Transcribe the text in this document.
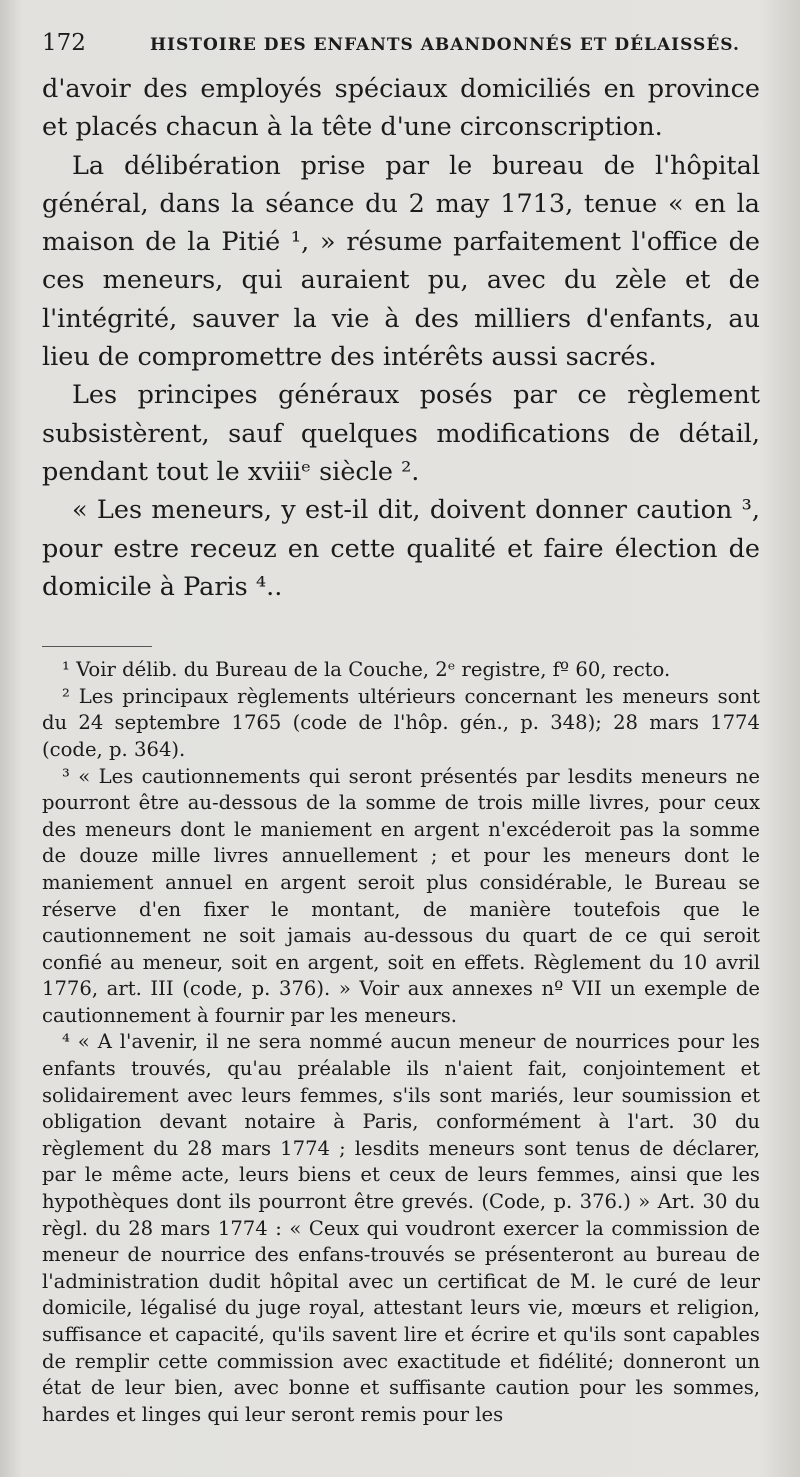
172	HISTOIRE DES ENFANTS ABANDONNÉS ET DÉLAISSÉS.

d'avoir des employés spéciaux domiciliés en province et placés chacun à la tête d'une circonscription.

La délibération prise par le bureau de l'hôpital général, dans la séance du 2 may 1713, tenue « en la maison de la Pitié ¹, » résume parfaitement l'office de ces meneurs, qui auraient pu, avec du zèle et de l'intégrité, sauver la vie à des milliers d'enfants, au lieu de compromettre des intérêts aussi sacrés.

Les principes généraux posés par ce règlement subsistèrent, sauf quelques modifications de détail, pendant tout le xviiiᵉ siècle ².

« Les meneurs, y est-il dit, doivent donner caution ³, pour estre receuz en cette qualité et faire élection de domicile à Paris ⁴..

¹ Voir délib. du Bureau de la Couche, 2ᵉ registre, fº 60, recto.

² Les principaux règlements ultérieurs concernant les meneurs sont du 24 septembre 1765 (code de l'hôp. gén., p. 348); 28 mars 1774 (code, p. 364).

³ « Les cautionnements qui seront présentés par lesdits meneurs ne pourront être au-dessous de la somme de trois mille livres, pour ceux des meneurs dont le maniement en argent n'excéderoit pas la somme de douze mille livres annuellement ; et pour les meneurs dont le maniement annuel en argent seroit plus considérable, le Bureau se réserve d'en fixer le montant, de manière toutefois que le cautionnement ne soit jamais au-dessous du quart de ce qui seroit confié au meneur, soit en argent, soit en effets. Règlement du 10 avril 1776, art. III (code, p. 376). » Voir aux annexes nº VII un exemple de cautionnement à fournir par les meneurs.

⁴ « A l'avenir, il ne sera nommé aucun meneur de nourrices pour les enfants trouvés, qu'au préalable ils n'aient fait, conjointement et solidairement avec leurs femmes, s'ils sont mariés, leur soumission et obligation devant notaire à Paris, conformément à l'art. 30 du règlement du 28 mars 1774 ; lesdits meneurs sont tenus de déclarer, par le même acte, leurs biens et ceux de leurs femmes, ainsi que les hypothèques dont ils pourront être grevés. (Code, p. 376.) » Art. 30 du règl. du 28 mars 1774 : « Ceux qui voudront exercer la commission de meneur de nourrice des enfans-trouvés se présenteront au bureau de l'administration dudit hôpital avec un certificat de M. le curé de leur domicile, légalisé du juge royal, attestant leurs vie, mœurs et religion, suffisance et capacité, qu'ils savent lire et écrire et qu'ils sont capables de remplir cette commission avec exactitude et fidélité; donneront un état de leur bien, avec bonne et suffisante caution pour les sommes, hardes et linges qui leur seront remis pour les
